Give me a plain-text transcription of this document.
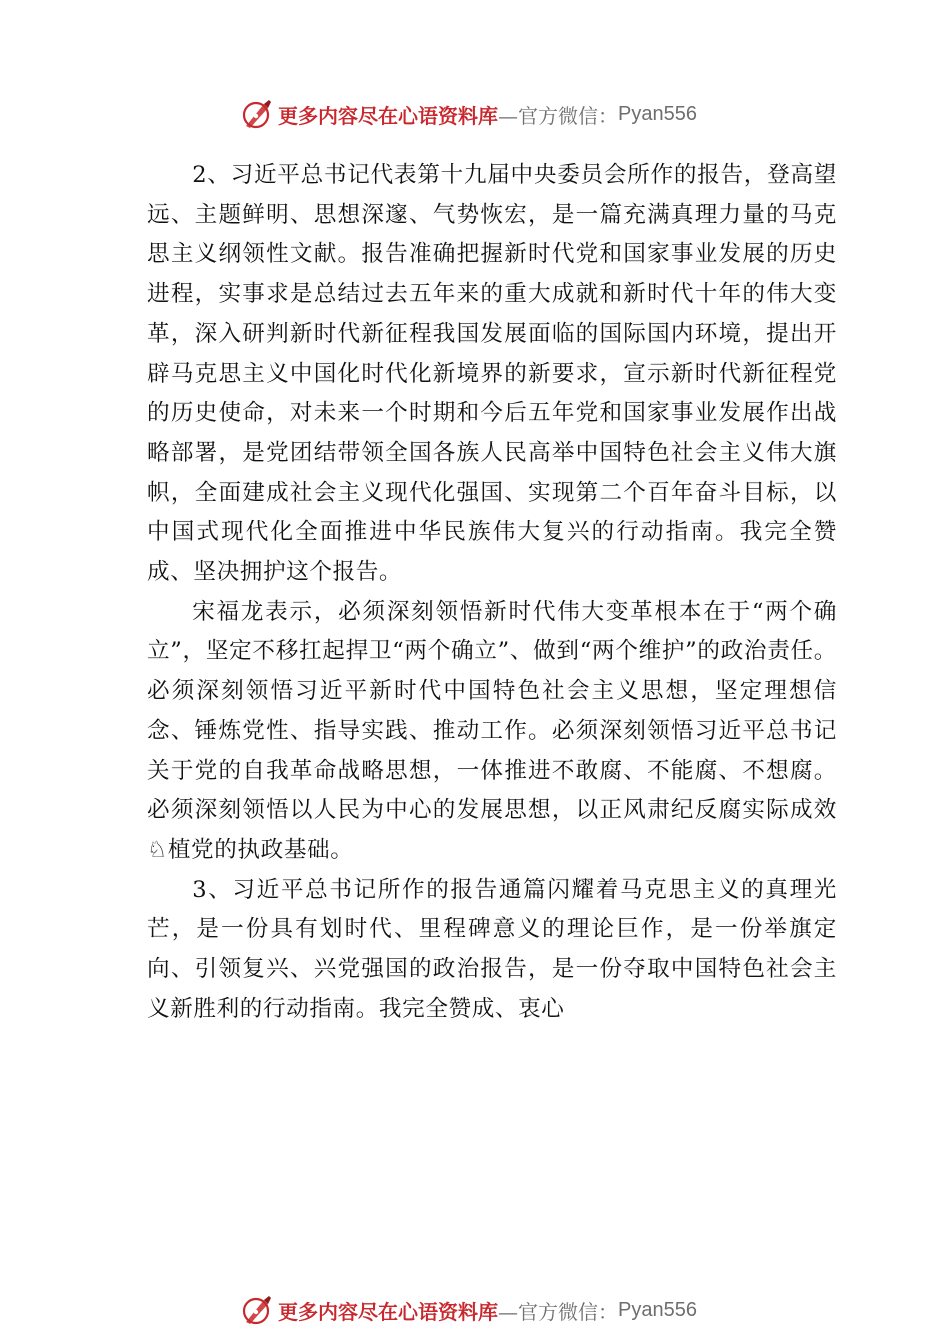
更多内容尽在心语资料库 —官方微信： Pyan556

2、习近平总书记代表第十九届中央委员会所作的报告，登高望远、主题鲜明、思想深邃、气势恢宏，是一篇充满真理力量的马克思主义纲领性文献。报告准确把握新时代党和国家事业发展的历史进程，实事求是总结过去五年来的重大成就和新时代十年的伟大变革，深入研判新时代新征程我国发展面临的国际国内环境，提出开辟马克思主义中国化时代化新境界的新要求，宣示新时代新征程党的历史使命，对未来一个时期和今后五年党和国家事业发展作出战略部署，是党团结带领全国各族人民高举中国特色社会主义伟大旗帜，全面建成社会主义现代化强国、实现第二个百年奋斗目标，以中国式现代化全面推进中华民族伟大复兴的行动指南。我完全赞成、坚决拥护这个报告。

宋福龙表示，必须深刻领悟新时代伟大变革根本在于“两个确立”，坚定不移扛起捍卫“两个确立”、做到“两个维护”的政治责任。必须深刻领悟习近平新时代中国特色社会主义思想，坚定理想信念、锤炼党性、指导实践、推动工作。必须深刻领悟习近平总书记关于党的自我革命战略思想，一体推进不敢腐、不能腐、不想腐。必须深刻领悟以人民为中心的发展思想，以正风肃纪反腐实际成效♘植党的执政基础。

3、习近平总书记所作的报告通篇闪耀着马克思主义的真理光芒，是一份具有划时代、里程碑意义的理论巨作，是一份举旗定向、引领复兴、兴党强国的政治报告，是一份夺取中国特色社会主义新胜利的行动指南。我完全赞成、衷心

更多内容尽在心语资料库 —官方微信： Pyan556
